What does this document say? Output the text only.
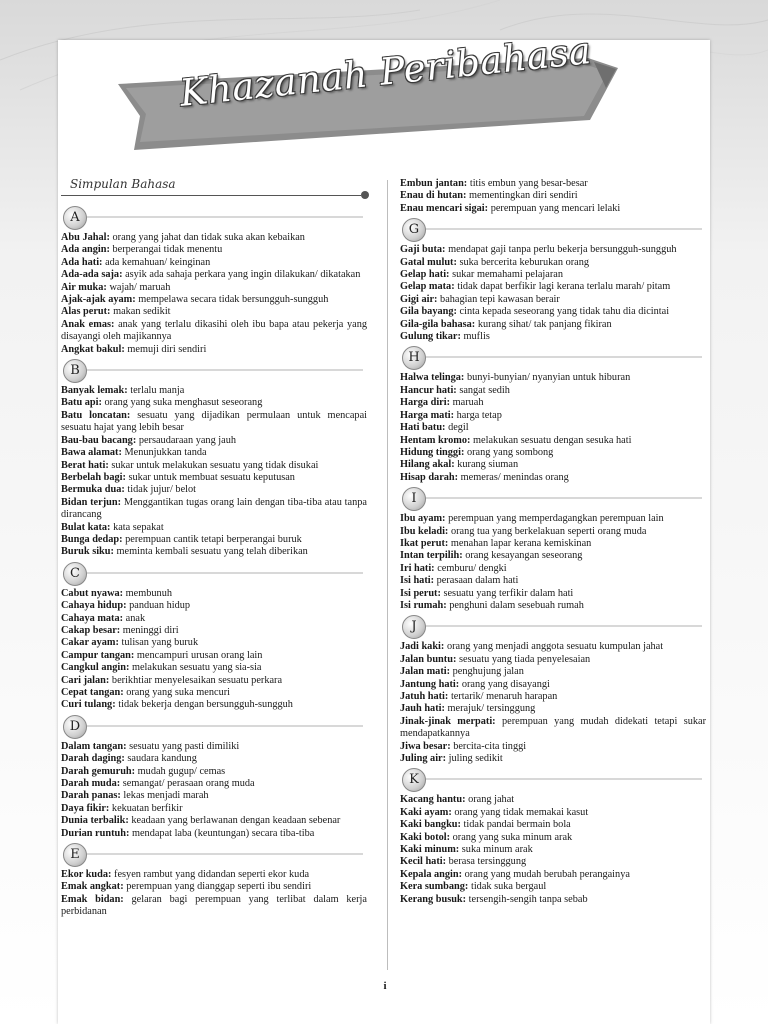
Khazanah Peribahasa
Simpulan Bahasa
A

Abu Jahal: orang yang jahat dan tidak suka akan kebaikan

Ada angin: berperangai tidak menentu

Ada hati: ada kemahuan/ keinginan

Ada-ada saja: asyik ada sahaja perkara yang ingin dilakukan/ dikatakan

Air muka: wajah/ maruah

Ajak-ajak ayam: mempelawa secara tidak bersungguh-sungguh

Alas perut: makan sedikit

Anak emas: anak yang terlalu dikasihi oleh ibu bapa atau pekerja yang disayangi oleh majikannya

Angkat bakul: memuji diri sendiri

B

Banyak lemak: terlalu manja

Batu api: orang yang suka menghasut seseorang

Batu loncatan: sesuatu yang dijadikan permulaan untuk mencapai sesuatu hajat yang lebih besar

Bau-bau bacang: persaudaraan yang jauh

Bawa alamat: Menunjukkan tanda

Berat hati: sukar untuk melakukan sesuatu yang tidak disukai

Berbelah bagi: sukar untuk membuat sesuatu keputusan

Bermuka dua: tidak jujur/ belot

Bidan terjun: Menggantikan tugas orang lain dengan tiba-tiba atau tanpa dirancang

Bulat kata: kata sepakat

Bunga dedap: perempuan cantik tetapi berperangai buruk

Buruk siku: meminta kembali sesuatu yang telah diberikan

C

Cabut nyawa: membunuh

Cahaya hidup: panduan hidup

Cahaya mata: anak

Cakap besar: meninggi diri

Cakar ayam: tulisan yang buruk

Campur tangan: mencampuri urusan orang lain

Cangkul angin: melakukan sesuatu yang sia-sia

Cari jalan: berikhtiar menyelesaikan sesuatu perkara

Cepat tangan: orang yang suka mencuri

Curi tulang: tidak bekerja dengan bersungguh-sungguh

D

Dalam tangan: sesuatu yang pasti dimiliki

Darah daging: saudara kandung

Darah gemuruh: mudah gugup/ cemas

Darah muda: semangat/ perasaan orang muda

Darah panas: lekas menjadi marah

Daya fikir: kekuatan berfikir

Dunia terbalik: keadaan yang berlawanan dengan keadaan sebenar

Durian runtuh: mendapat laba (keuntungan) secara tiba-tiba

E

Ekor kuda: fesyen rambut yang didandan seperti ekor kuda

Emak angkat: perempuan yang dianggap seperti ibu sendiri

Emak bidan: gelaran bagi perempuan yang terlibat dalam kerja perbidanan

Embun jantan: titis embun yang besar-besar

Enau di hutan: mementingkan diri sendiri

Enau mencari sigai: perempuan yang mencari lelaki

G

Gaji buta: mendapat gaji tanpa perlu bekerja bersungguh-sungguh

Gatal mulut: suka bercerita keburukan orang

Gelap hati: sukar memahami pelajaran

Gelap mata: tidak dapat berfikir lagi kerana terlalu marah/ pitam

Gigi air: bahagian tepi kawasan berair

Gila bayang: cinta kepada seseorang yang tidak tahu dia dicintai

Gila-gila bahasa: kurang sihat/ tak panjang fikiran

Gulung tikar: muflis

H

Halwa telinga: bunyi-bunyian/ nyanyian untuk hiburan

Hancur hati: sangat sedih

Harga diri: maruah

Harga mati: harga tetap

Hati batu: degil

Hentam kromo: melakukan sesuatu dengan sesuka hati

Hidung tinggi: orang yang sombong

Hilang akal: kurang siuman

Hisap darah: memeras/ menindas orang

I

Ibu ayam: perempuan yang memperdagangkan perempuan lain

Ibu keladi: orang tua yang berkelakuan seperti orang muda

Ikat perut: menahan lapar kerana kemiskinan

Intan terpilih: orang kesayangan seseorang

Iri hati: cemburu/ dengki

Isi hati: perasaan dalam hati

Isi perut: sesuatu yang terfikir dalam hati

Isi rumah: penghuni dalam sesebuah rumah

J

Jadi kaki: orang yang menjadi anggota sesuatu kumpulan jahat

Jalan buntu: sesuatu yang tiada penyelesaian

Jalan mati: penghujung jalan

Jantung hati: orang yang disayangi

Jatuh hati: tertarik/ menaruh harapan

Jauh hati: merajuk/ tersinggung

Jinak-jinak merpati: perempuan yang mudah didekati tetapi sukar mendapatkannya

Jiwa besar: bercita-cita tinggi

Juling air: juling sedikit

K

Kacang hantu: orang jahat

Kaki ayam: orang yang tidak memakai kasut

Kaki bangku: tidak pandai bermain bola

Kaki botol: orang yang suka minum arak

Kaki minum: suka minum arak

Kecil hati: berasa tersinggung

Kepala angin: orang yang mudah berubah perangainya

Kera sumbang: tidak suka bergaul

Kerang busuk: tersengih-sengih tanpa sebab

i
